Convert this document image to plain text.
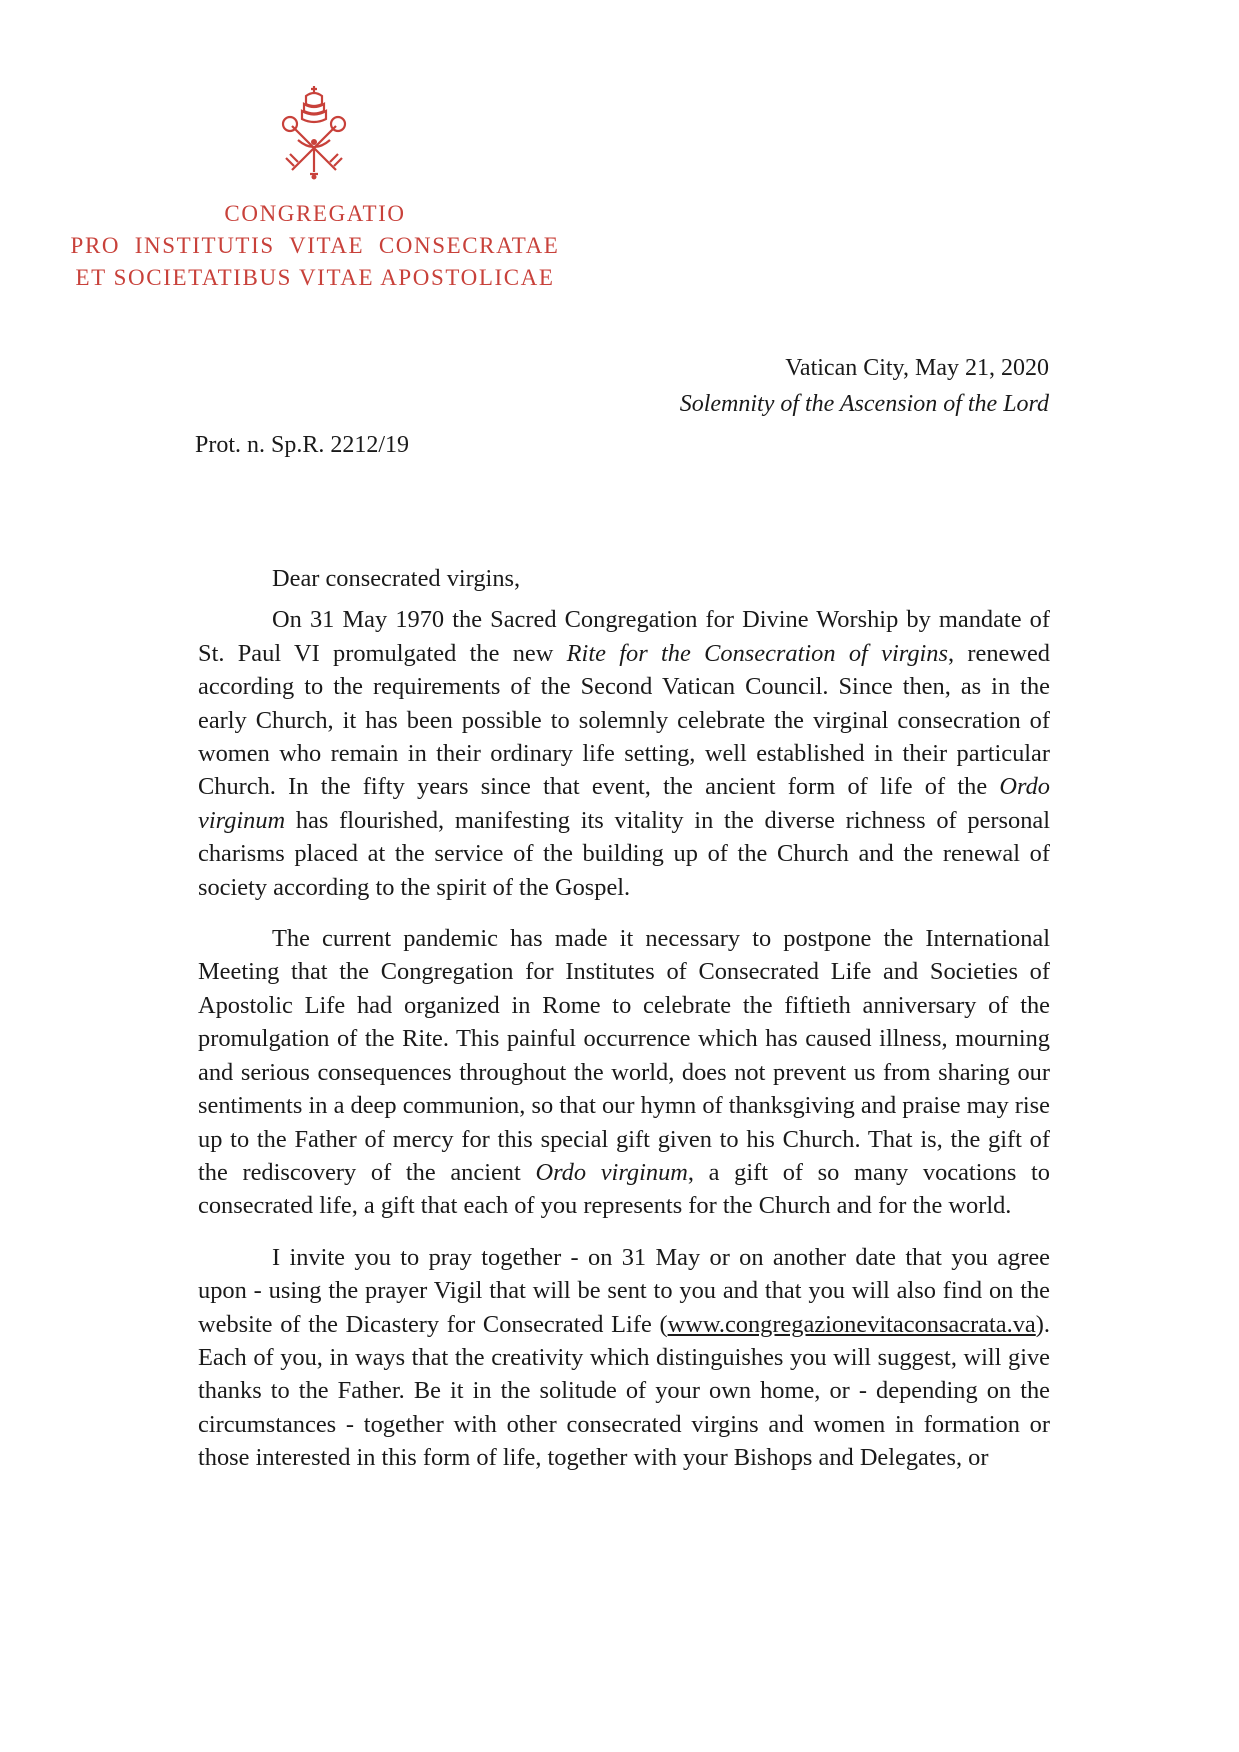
CONGREGATIO
PRO  INSTITUTIS  VITAE  CONSECRATAE
ET SOCIETATIBUS VITAE APOSTOLICAE
Vatican City, May 21, 2020
Solemnity of the Ascension of the Lord
Prot. n. Sp.R. 2212/19
Dear consecrated virgins,

On 31 May 1970 the Sacred Congregation for Divine Worship by mandate of St. Paul VI promulgated the new Rite for the Consecration of virgins, renewed according to the requirements of the Second Vatican Council. Since then, as in the early Church, it has been possible to solemnly celebrate the virginal consecration of women who remain in their ordinary life setting, well established in their particular Church. In the fifty years since that event, the ancient form of life of the Ordo virginum has flourished, manifesting its vitality in the diverse richness of personal charisms placed at the service of the building up of the Church and the renewal of society according to the spirit of the Gospel.

The current pandemic has made it necessary to postpone the International Meeting that the Congregation for Institutes of Consecrated Life and Societies of Apostolic Life had organized in Rome to celebrate the fiftieth anniversary of the promulgation of the Rite. This painful occurrence which has caused illness, mourning and serious consequences throughout the world, does not prevent us from sharing our sentiments in a deep communion, so that our hymn of thanksgiving and praise may rise up to the Father of mercy for this special gift given to his Church. That is, the gift of the rediscovery of the ancient Ordo virginum, a gift of so many vocations to consecrated life, a gift that each of you represents for the Church and for the world.

I invite you to pray together - on 31 May or on another date that you agree upon - using the prayer Vigil that will be sent to you and that you will also find on the website of the Dicastery for Consecrated Life (www.congregazionevitaconsacrata.va). Each of you, in ways that the creativity which distinguishes you will suggest, will give thanks to the Father. Be it in the solitude of your own home, or - depending on the circumstances - together with other consecrated virgins and women in formation or those interested in this form of life, together with your Bishops and Delegates, or
